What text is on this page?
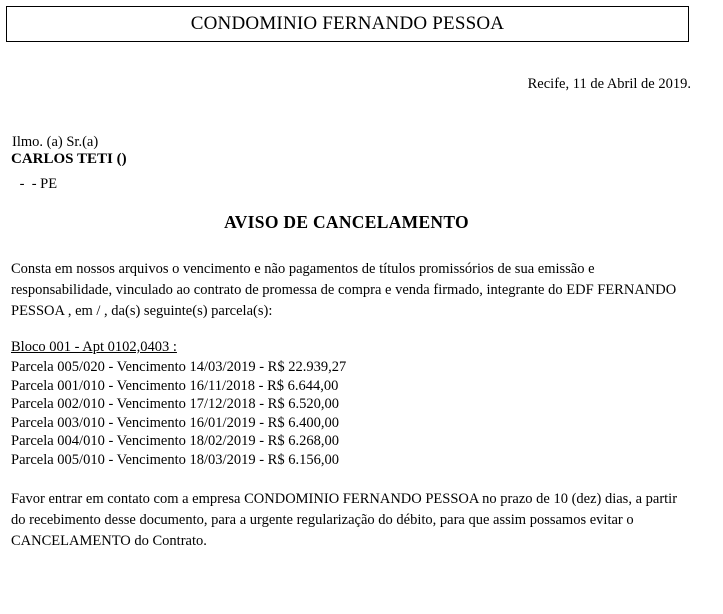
CONDOMINIO FERNANDO PESSOA
Recife, 11 de Abril de 2019.
Ilmo. (a) Sr.(a)
CARLOS TETI ()
-  - PE
AVISO DE CANCELAMENTO
Consta em nossos arquivos o vencimento e não pagamentos de títulos promissórios de sua emissão e responsabilidade, vinculado ao contrato de promessa de compra e venda firmado, integrante do EDF FERNANDO PESSOA , em / , da(s) seguinte(s) parcela(s):
Bloco 001 - Apt 0102,0403 :
Parcela 005/020 - Vencimento 14/03/2019 - R$ 22.939,27
Parcela 001/010 - Vencimento 16/11/2018 - R$ 6.644,00
Parcela 002/010 - Vencimento 17/12/2018 - R$ 6.520,00
Parcela 003/010 - Vencimento 16/01/2019 - R$ 6.400,00
Parcela 004/010 - Vencimento 18/02/2019 - R$ 6.268,00
Parcela 005/010 - Vencimento 18/03/2019 - R$ 6.156,00
Favor entrar em contato com a empresa CONDOMINIO FERNANDO PESSOA no prazo de 10 (dez) dias, a partir do recebimento desse documento, para a urgente regularização do débito, para que assim possamos evitar o CANCELAMENTO do Contrato.
